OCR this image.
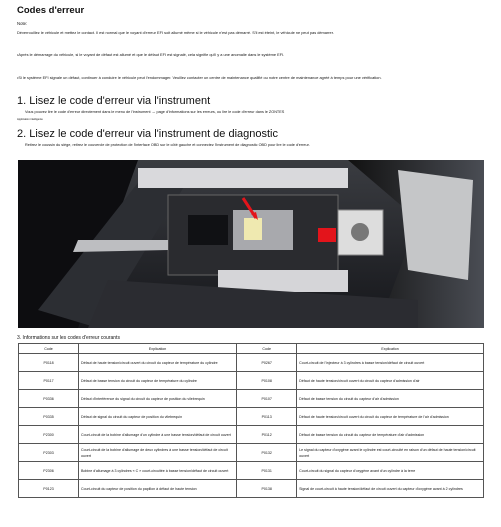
Codes d'erreur
Note:
Déverrouillez le véhicule et mettez le contact. Il est normal que le voyant d'erreur EFI soit allumé même si le véhicule n'est pas démarré. S'il est éteint, le véhicule ne peut pas démarrer.
•Après le démarrage du véhicule, si le voyant de défaut est allumé et que le défaut EFI est signalé, cela signifie qu'il y a une anomalie dans le système EFI.
•Si le système EFI signale un défaut, continuer à conduire le véhicule peut l'endommager. Veuillez contacter un centre de maintenance qualifié ou notre centre de maintenance agréé à temps pour une vérification.
1. Lisez le code d'erreur via l'instrument
Vous pouvez lire le code d'erreur directement dans le menu de l'instrument → page d'informations sur les erreurs, ou lire le code d'erreur dans le ZONTES
Application intelligente
2. Lisez le code d'erreur via l'instrument de diagnostic
Retirez le coussin du siège, retirez le couvercle de protection de l'interface OBD sur le côté gauche et connectez l'instrument de diagnostic OBD pour lire le code d'erreur.
3. Informations sur les codes d'erreur courants
Code	Explication	Code	Explication
P0118	Défaut de haute tension/circuit ouvert du circuit du capteur de température du cylindre	P0267	Court-circuit de l'injecteur à 3 cylindres à basse tension/défaut de circuit ouvert
P0117	Défaut de basse tension du circuit du capteur de température du cylindre	P0108	Défaut de haute tension/circuit ouvert du circuit du capteur d'admission d'air
P0336	Défaut d'interférence du signal du circuit du capteur de position du vilebrequin	P0107	Défaut de basse tension du circuit du capteur d'air d'admission
P0335	Défaut de signal du circuit du capteur de position du vilebrequin	P0113	Défaut de haute tension/circuit ouvert du circuit du capteur de température de l'air d'admission
P2300	Court-circuit de la bobine d'allumage d'un cylindre à une basse tension/défaut de circuit ouvert	P0112	Défaut de basse tension du circuit du capteur de température d'air d'admission
P2303	Court-circuit de la bobine d'allumage de deux cylindres à une basse tension/défaut de circuit ouvert	P0132	Le signal du capteur d'oxygène avant le cylindre est court-circuité en raison d'un défaut de haute tension/circuit ouvert
P2306	Bobine d'allumage à 3 cylindres « C » court-circuitée à basse tension/défaut de circuit ouvert	P0131	Court-circuit du signal du capteur d'oxygène avant d'un cylindre à la terre
P0123	Court-circuit du capteur de position du papillon à défaut de haute tension	P0138	Signal de court-circuit à haute tension/défaut de circuit ouvert du capteur d'oxygène avant à 2 cylindres
